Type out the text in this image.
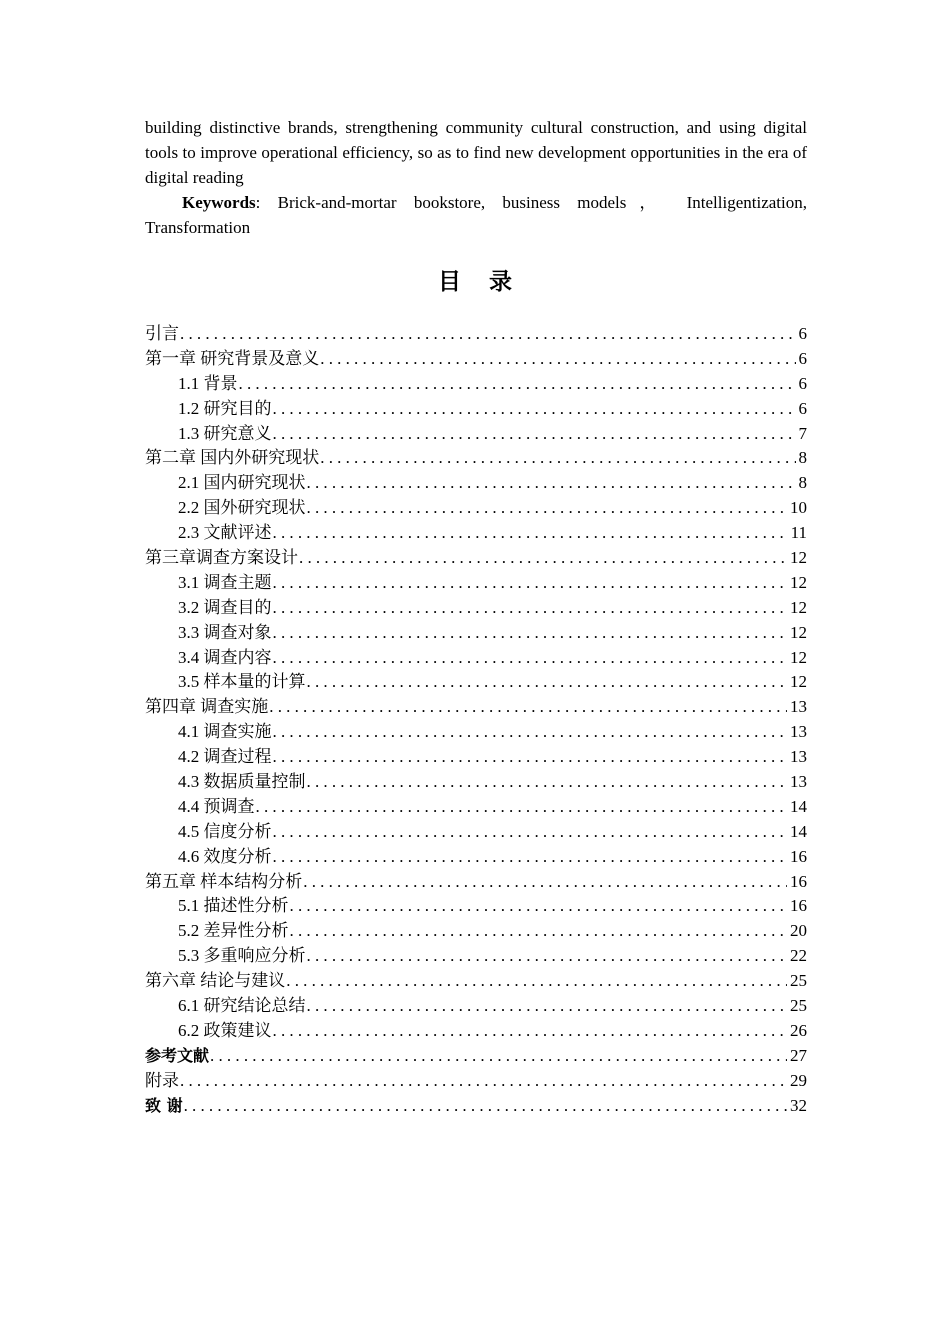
building distinctive brands, strengthening community cultural construction, and using digital tools to improve operational efficiency, so as to find new development opportunities in the era of digital reading

Keywords: Brick-and-mortar bookstore, business models， Intelligentization, Transformation

目录
引言 .....	6
第一章 研究背景及意义 .....	6
1.1 背景 .....	6
1.2 研究目的 .....	6
1.3 研究意义 .....	7
第二章 国内外研究现状 .....	8
2.1 国内研究现状 .....	8
2.2 国外研究现状 .....	10
2.3 文献评述 .....	11
第三章调查方案设计 .....	12
3.1 调查主题 .....	12
3.2 调查目的 .....	12
3.3 调查对象 .....	12
3.4 调查内容 .....	12
3.5 样本量的计算 .....	12
第四章 调查实施 .....	13
4.1 调查实施 .....	13
4.2 调查过程 .....	13
4.3 数据质量控制 .....	13
4.4 预调查 .....	14
4.5 信度分析 .....	14
4.6 效度分析 .....	16
第五章 样本结构分析 .....	16
5.1 描述性分析 .....	16
5.2 差异性分析 .....	20
5.3 多重响应分析 .....	22
第六章 结论与建议 .....	25
6.1 研究结论总结 .....	25
6.2 政策建议 .....	26
参考文献 .....	27
附录 .....	29
致 谢 .....	32
